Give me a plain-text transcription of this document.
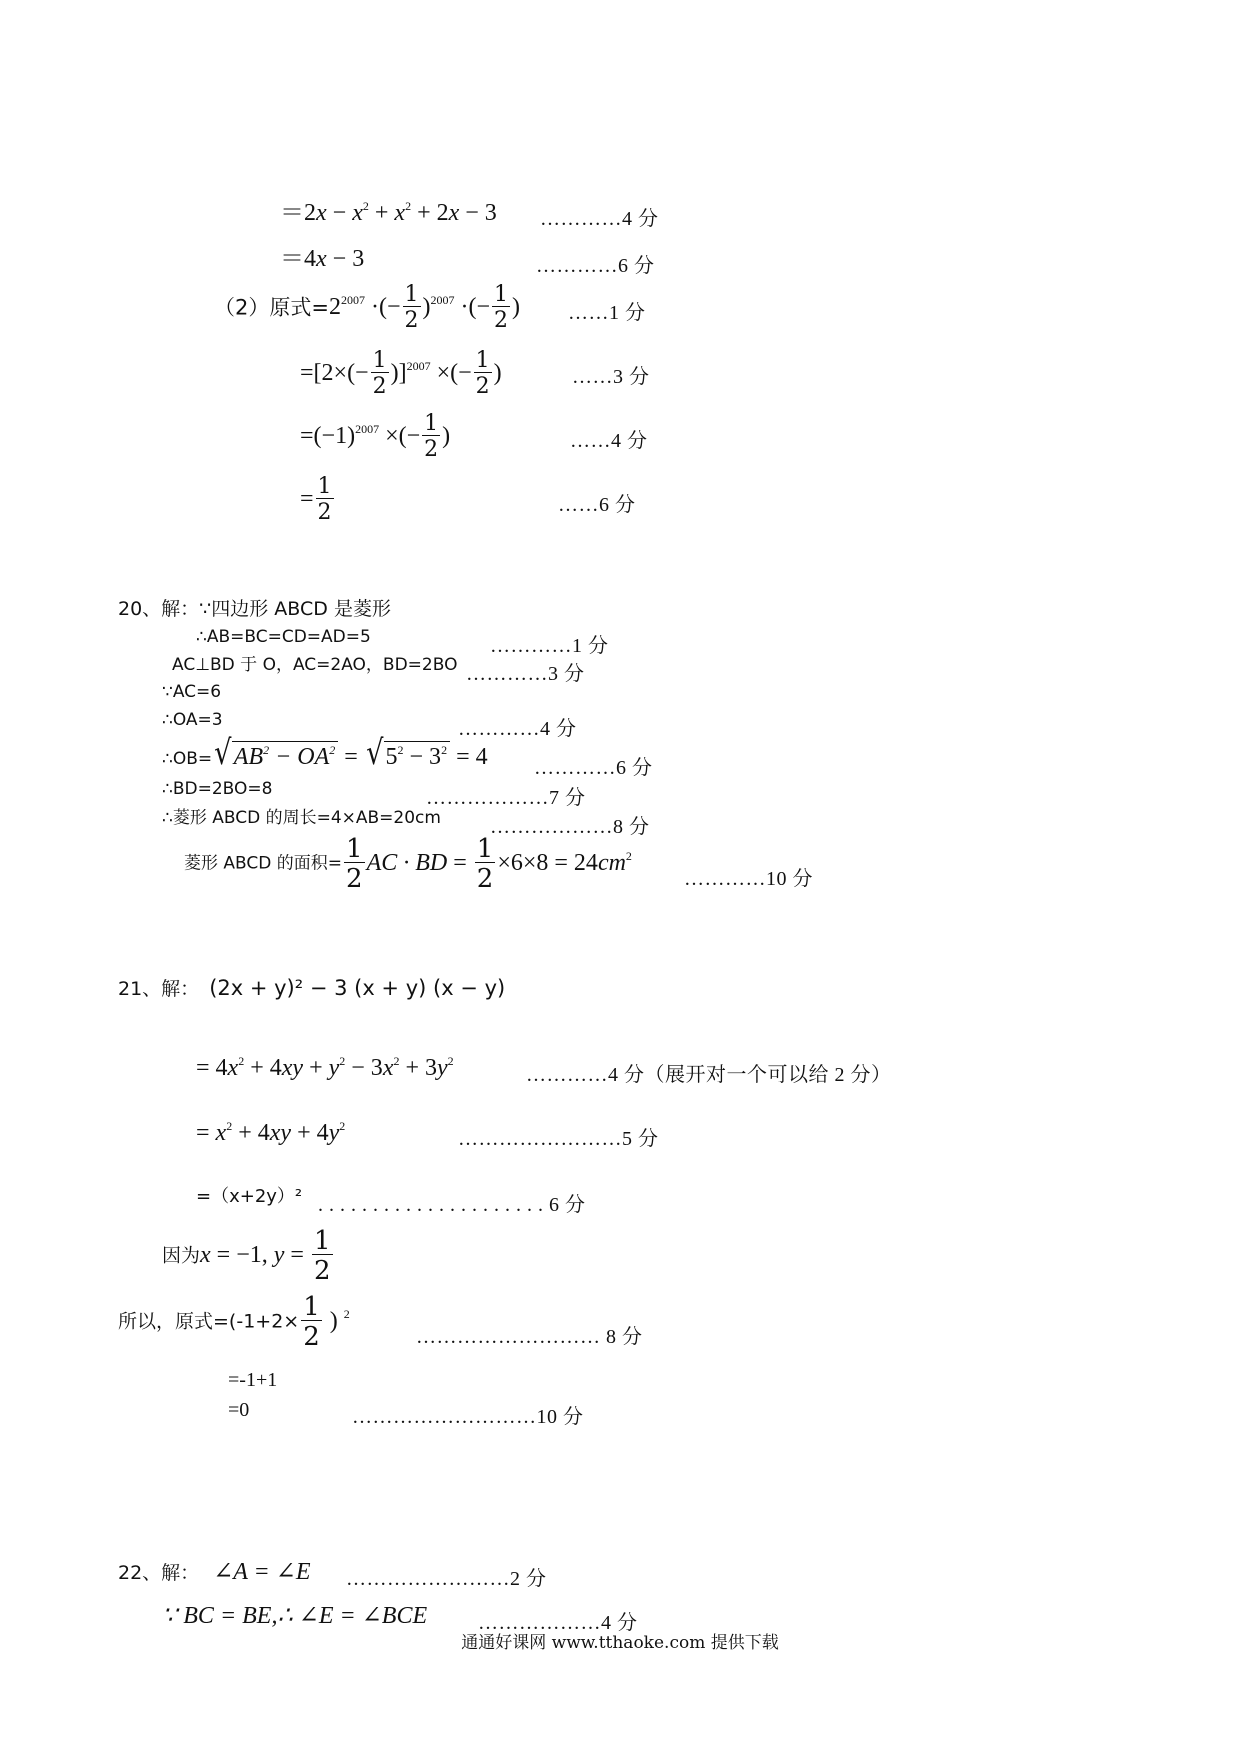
$=2x - x^2 + x^2 + 2x - 3$ …………4 分
＝4x − 3	…………6 分
（2）原式$=2^{2007}$ ·(− $\frac{1}{2} )^{2007}$ ·(− $\frac{1}{2}$ ) ……1 分
$=[2\times(- \frac{1}{2} )]^{2007}$ ×(− $\frac{1}{2}$ )	……3 分
$=(-1)^{2007}$ ×(− $\frac{1}{2}$ )	……4 分
= $\frac{1}{2}$	……6 分
20、解：∵四边形 ABCD 是菱形
∴AB=BC=CD=AD=5	…………1 分
AC⊥BD 于 O，AC=2AO，BD=2BO …………3 分
∵AC=6
∴OA=3	…………4 分
∴OB= √ $AB^2 - OA^2$ = √ $5^2 - 3^2 = 4$ …………6 分
∴BD=2BO=8	………………7 分
∴菱形 ABCD 的周长=4×AB=20cm ………………8 分
菱形 ABCD 的面积= $\frac{1}{2}$ AC · BD = $\frac{1}{2} \times 6\times 8 = 24cm^2$
…………10 分
21、解： (2x + y)² − 3 (x + y) (x − y)
= $4x^2 + 4xy + y^2 - 3x^2 + 3y^2$
…………4 分（展开对一个可以给 2 分）
= $x^2 + 4xy + 4y^2$
……………………5 分
=（x+2y）² . . . . . . . . . . . . . . . . . . . . . 6 分
因为x = −1, $y = \frac{1}{2}$
所以，原式$=(-1+2\times \frac{1}{2}$ ) $^2$
……………………… 8 分
=-1+1
=0	………………………10 分
22、解： ∠A = ∠E ……………………2 分
∵ BC = BE,∴ ∠E = ∠BCE	………………4 分
通通好课网 www.tthaoke.com 提供下载
